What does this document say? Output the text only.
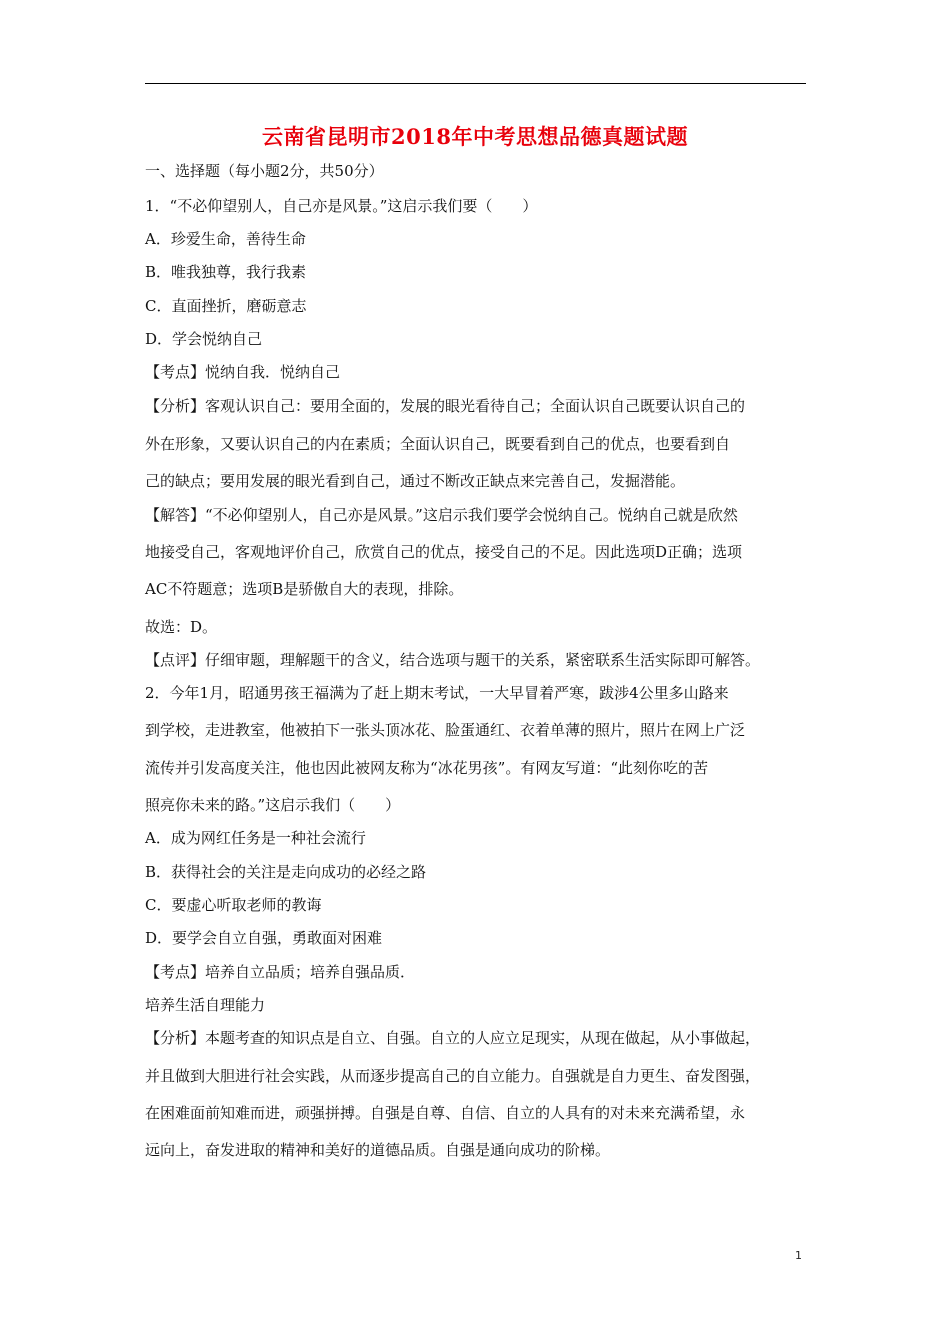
云南省昆明市2018年中考思想品德真题试题
一、选择题（每小题2分，共50分）
1．“不必仰望别人，自己亦是风景。”这启示我们要（　　）
A．珍爱生命，善待生命
B．唯我独尊，我行我素
C．直面挫折，磨砺意志
D．学会悦纳自己
【考点】悦纳自我．悦纳自己
【分析】客观认识自己：要用全面的，发展的眼光看待自己；全面认识自己既要认识自己的
外在形象，又要认识自己的内在素质；全面认识自己，既要看到自己的优点，也要看到自
己的缺点；要用发展的眼光看到自己，通过不断改正缺点来完善自己，发掘潜能。
【解答】“不必仰望别人，自己亦是风景。”这启示我们要学会悦纳自己。悦纳自己就是欣然
地接受自己，客观地评价自己，欣赏自己的优点，接受自己的不足。因此选项D正确；选项
AC不符题意；选项B是骄傲自大的表现，排除。
故选：D。
【点评】仔细审题，理解题干的含义，结合选项与题干的关系，紧密联系生活实际即可解答。
2．今年1月，昭通男孩王福满为了赶上期末考试，一大早冒着严寒，跋涉4公里多山路来
到学校，走进教室，他被拍下一张头顶冰花、脸蛋通红、衣着单薄的照片，照片在网上广泛
流传并引发高度关注，他也因此被网友称为“冰花男孩”。有网友写道：“此刻你吃的苦
照亮你未来的路。”这启示我们（　　）
A．成为网红任务是一种社会流行
B．获得社会的关注是走向成功的必经之路
C．要虚心听取老师的教诲
D．要学会自立自强，勇敢面对困难
【考点】培养自立品质；培养自强品质．
培养生活自理能力
【分析】本题考查的知识点是自立、自强。自立的人应立足现实，从现在做起，从小事做起，
并且做到大胆进行社会实践，从而逐步提高自己的自立能力。自强就是自力更生、奋发图强，
在困难面前知难而进，顽强拼搏。自强是自尊、自信、自立的人具有的对未来充满希望，永
远向上，奋发进取的精神和美好的道德品质。自强是通向成功的阶梯。
1
